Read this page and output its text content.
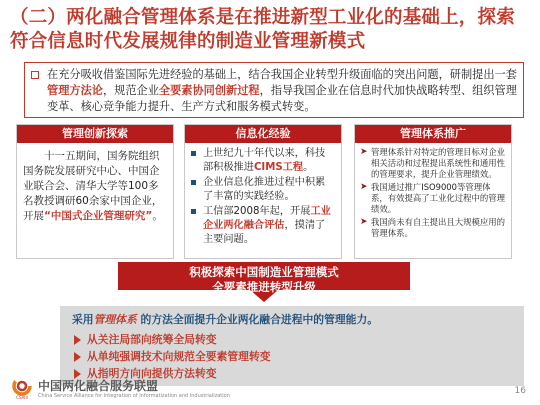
（二）两化融合管理体系是在推进新型工业化的基础上，探索符合信息时代发展规律的制造业管理新模式
在充分吸收借鉴国际先进经验的基础上，结合我国企业转型升级面临的突出问题，研制提出一套管理方法论，规范企业全要素协同创新过程，指导我国企业在信息时代加快战略转型、组织管理变革、核心竞争能力提升、生产方式和服务模式转变。
管理创新探索
十一五期间，国务院组织国务院发展研究中心、中国企业联合会、清华大学等100多名教授调研60余家中国企业，开展“中国式企业管理研究”。
信息化经验
上世纪九十年代以来，科技部积极推进CIMS工程。
企业信息化推进过程中积累了丰富的实践经验。
工信部2008年起，开展工业企业两化融合评估，摸清了主要问题。
管理体系推广
➤ 管理体系针对特定的管理目标对企业相关活动和过程提出系统性和通用性的管理要求，提升企业管理绩效。
➤ 我国通过推广ISO9000等管理体系，有效提高了工业化过程中的管理绩效。
➤ 我国尚未有自主提出且大规模应用的管理体系。
积极探索中国制造业管理模式
全要素推进转型升级
采用管理体系 的方法全面提升企业两化融合进程中的管理能力。
从关注局部向统筹全局转变
从单纯强调技术向规范全要素管理转变
从指明方向向提供方法转变
CSAIII
中国两化融合服务联盟
China Service Alliance for Integration of Informatization and Industrialization	16
